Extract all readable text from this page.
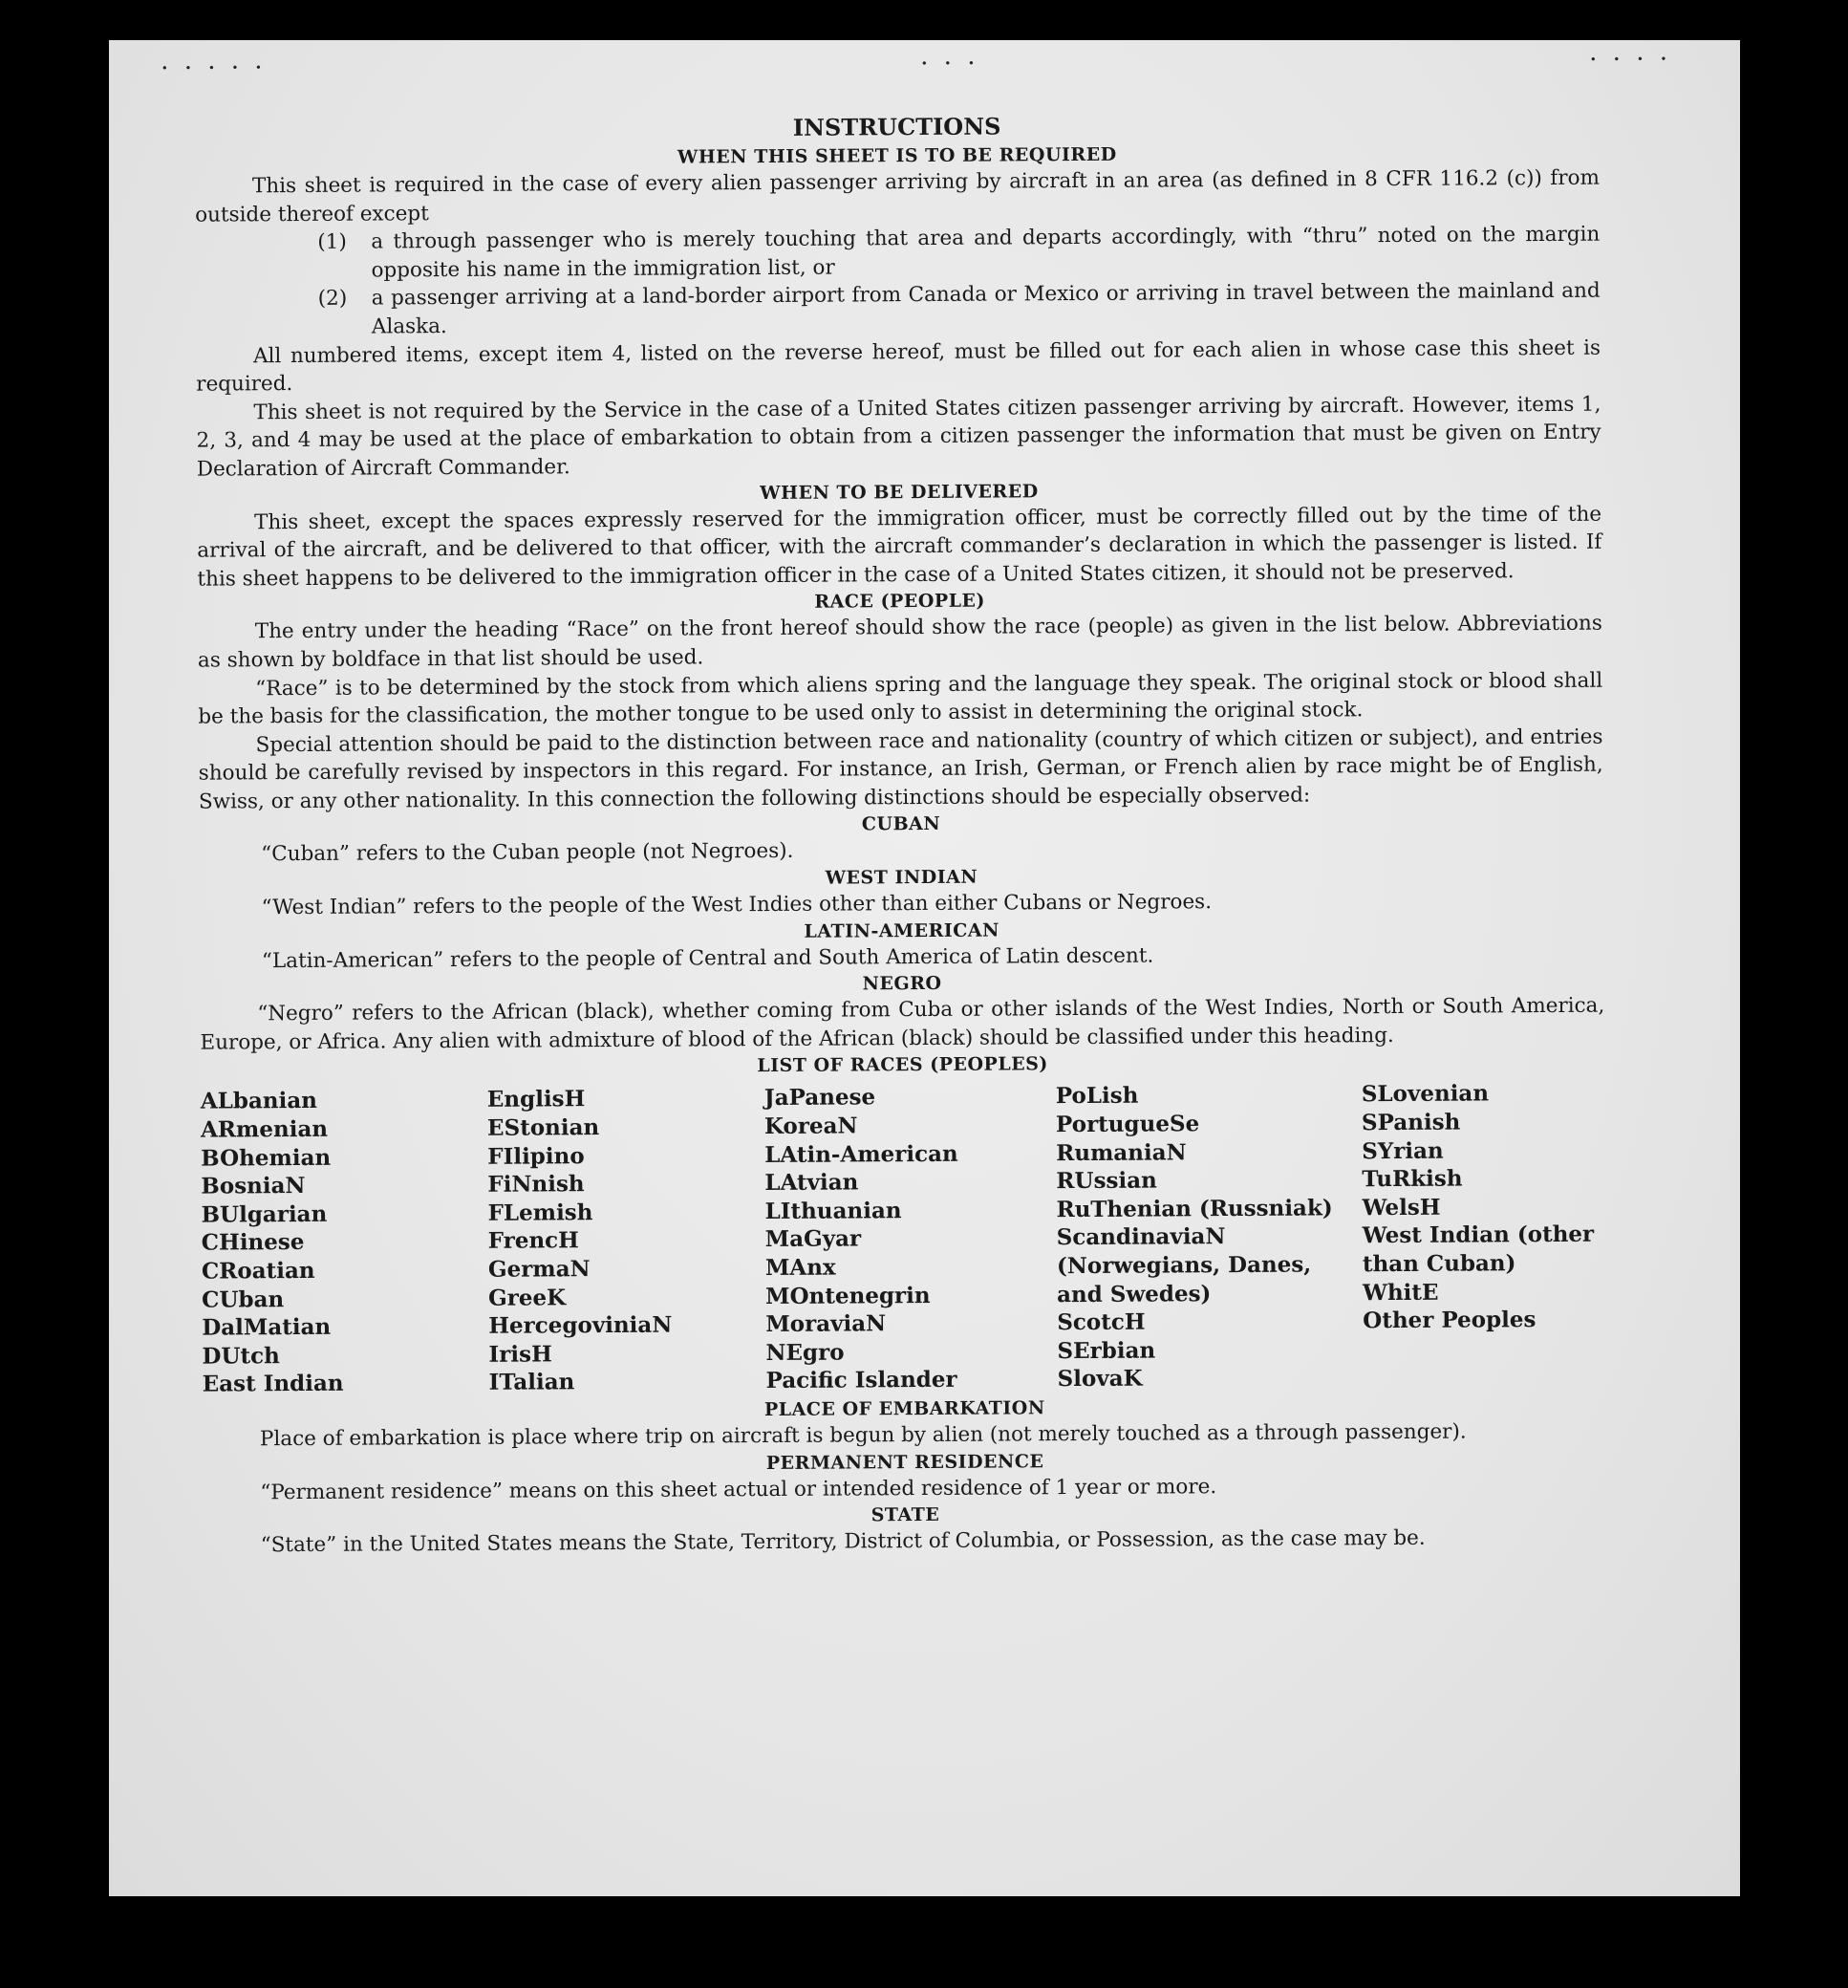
· · · · ·	· · ·	· · · ·
INSTRUCTIONS
WHEN THIS SHEET IS TO BE REQUIRED

This sheet is required in the case of every alien passenger arriving by aircraft in an area (as defined in 8 CFR 116.2 (c)) from outside thereof except

(1)	a through passenger who is merely touching that area and departs accordingly, with “thru” noted on the margin opposite his name in the immigration list, or
(2)	a passenger arriving at a land-border airport from Canada or Mexico or arriving in travel between the mainland and Alaska.

All numbered items, except item 4, listed on the reverse hereof, must be filled out for each alien in whose case this sheet is required.

This sheet is not required by the Service in the case of a United States citizen passenger arriving by aircraft. However, items 1, 2, 3, and 4 may be used at the place of embarkation to obtain from a citizen passenger the information that must be given on Entry Declaration of Aircraft Commander.

WHEN TO BE DELIVERED

This sheet, except the spaces expressly reserved for the immigration officer, must be correctly filled out by the time of the arrival of the aircraft, and be delivered to that officer, with the aircraft commander’s declaration in which the passenger is listed. If this sheet happens to be delivered to the immigration officer in the case of a United States citizen, it should not be preserved.

RACE (PEOPLE)

The entry under the heading “Race” on the front hereof should show the race (people) as given in the list below. Abbreviations as shown by boldface in that list should be used.

“Race” is to be determined by the stock from which aliens spring and the language they speak. The original stock or blood shall be the basis for the classification, the mother tongue to be used only to assist in determining the original stock.

Special attention should be paid to the distinction between race and nationality (country of which citizen or subject), and entries should be carefully revised by inspectors in this regard. For instance, an Irish, German, or French alien by race might be of English, Swiss, or any other nationality. In this connection the following distinctions should be especially observed:

CUBAN

“Cuban” refers to the Cuban people (not Negroes).

WEST INDIAN

“West Indian” refers to the people of the West Indies other than either Cubans or Negroes.

LATIN-AMERICAN

“Latin-American” refers to the people of Central and South America of Latin descent.

NEGRO

“Negro” refers to the African (black), whether coming from Cuba or other islands of the West Indies, North or South America, Europe, or Africa. Any alien with admixture of blood of the African (black) should be classified under this heading.

LIST OF RACES (PEOPLES)
ALbanian
ARmenian
BOhemian
BosniaN
BUlgarian
CHinese
CRoatian
CUban
DalMatian
DUtch
East Indian
EnglisH
EStonian
FIlipino
FiNnish
FLemish
FrencH
GermaN
GreeK
HercegoviniaN
IrisH
ITalian
JaPanese
KoreaN
LAtin-American
LAtvian
LIthuanian
MaGyar
MAnx
MOntenegrin
MoraviaN
NEgro
Pacific Islander
PoLish
PortugueSe
RumaniaN
RUssian
RuThenian (Russniak)
ScandinaviaN (Norwegians, Danes, and Swedes)
ScotcH
SErbian
SlovaK
SLovenian
SPanish
SYrian
TuRkish
WelsH
West Indian (other than Cuban)
WhitE
Other Peoples
PLACE OF EMBARKATION

Place of embarkation is place where trip on aircraft is begun by alien (not merely touched as a through passenger).

PERMANENT RESIDENCE

“Permanent residence” means on this sheet actual or intended residence of 1 year or more.

STATE

“State” in the United States means the State, Territory, District of Columbia, or Possession, as the case may be.
